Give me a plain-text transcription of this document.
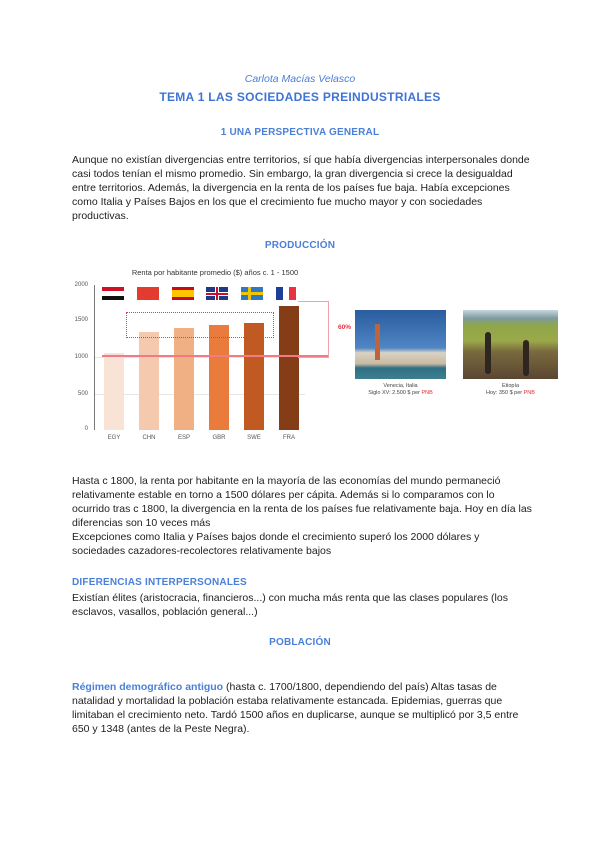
Carlota Macías Velasco
TEMA 1 LAS SOCIEDADES PREINDUSTRIALES
1 UNA PERSPECTIVA GENERAL
Aunque no existían divergencias entre territorios, sí que había divergencias interpersonales donde casi todos tenían el mismo promedio. Sin embargo, la gran divergencia si crece la desigualdad entre territorios. Además, la divergencia en la renta de los países fue baja. Había excepciones como Italia y Países Bajos en los que el crecimiento fue mucho mayor y con sociedades productivas.
PRODUCCIÓN
Renta por habitante promedio ($) años c. 1 - 1500
2000
1500
1000
500
0
60%
EGY	CHN	ESP	GBR	SWE	FRA
Venecia, Italia
Siglo XV: 2.500 $ per PNB
Etiopía
Hoy: 350 $ per PNB
Hasta c 1800, la renta por habitante en la mayoría de las economías del mundo permaneció relativamente estable en torno a 1500 dólares per cápita. Además si lo comparamos con lo ocurrido tras c 1800, la divergencia en la renta de los países fue relativamente baja. Hoy en día las diferencias son 10 veces más
Excepciones como Italia y Países bajos donde el crecimiento superó los 2000 dólares y sociedades cazadores-recolectores relativamente bajos
DIFERENCIAS INTERPERSONALES
Existían élites (aristocracia, financieros...) con mucha más renta que las clases populares (los esclavos, vasallos, población general...)
POBLACIÓN
Régimen demográfico antiguo (hasta c. 1700/1800, dependiendo del país) Altas tasas de natalidad y mortalidad la población estaba relativamente estancada. Epidemias, guerras que limitaban el crecimiento neto. Tardó 1500 años en duplicarse, aunque se multiplicó por 3,5 entre 650 y 1348 (antes de la Peste Negra).
